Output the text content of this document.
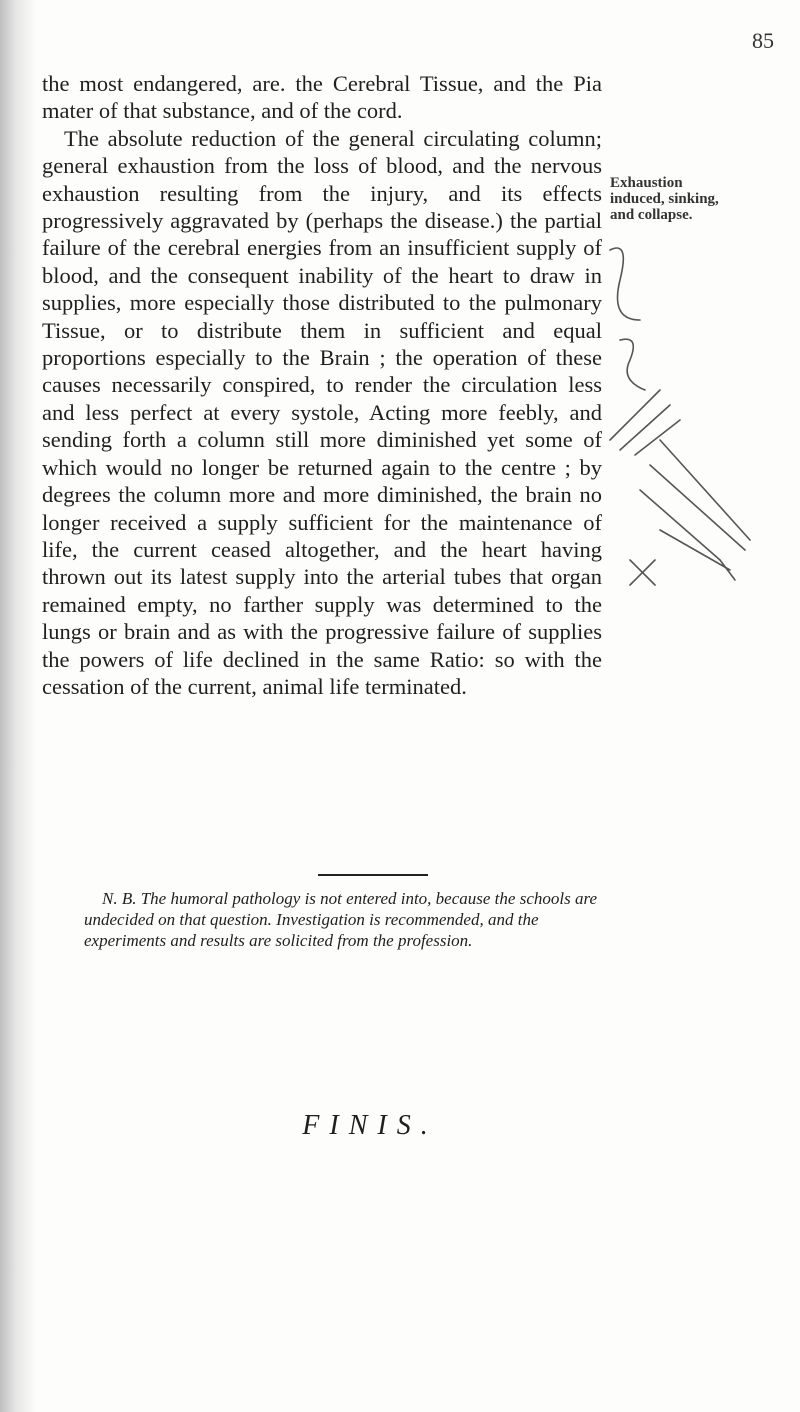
85

the most endangered, are. the Cerebral Tissue, and the Pia mater of that substance, and of the cord.

The absolute reduction of the general circulating column; general exhaustion from the loss of blood, and the nervous exhaustion resulting from the injury, and its effects progressively aggravated by (perhaps the disease.) the partial failure of the cerebral energies from an insufficient supply of blood, and the consequent inability of the heart to draw in supplies, more especially those distributed to the pulmonary Tissue, or to distribute them in sufficient and equal proportions especially to the Brain ; the operation of these causes necessarily conspired, to render the circulation less and less perfect at every systole, Acting more feebly, and sending forth a column still more diminished yet some of which would no longer be returned again to the centre ; by degrees the column more and more diminished, the brain no longer received a supply sufficient for the maintenance of life, the current ceased altogether, and the heart having thrown out its latest supply into the arterial tubes that organ remained empty, no farther supply was determined to the lungs or brain and as with the progressive failure of supplies the powers of life declined in the same Ratio: so with the cessation of the current, animal life terminated.

Exhaustion induced, sinking, and collapse.

N. B. The humoral pathology is not entered into, because the schools are undecided on that question. Investigation is recommended, and the experiments and results are solicited from the profession.

FINIS.
